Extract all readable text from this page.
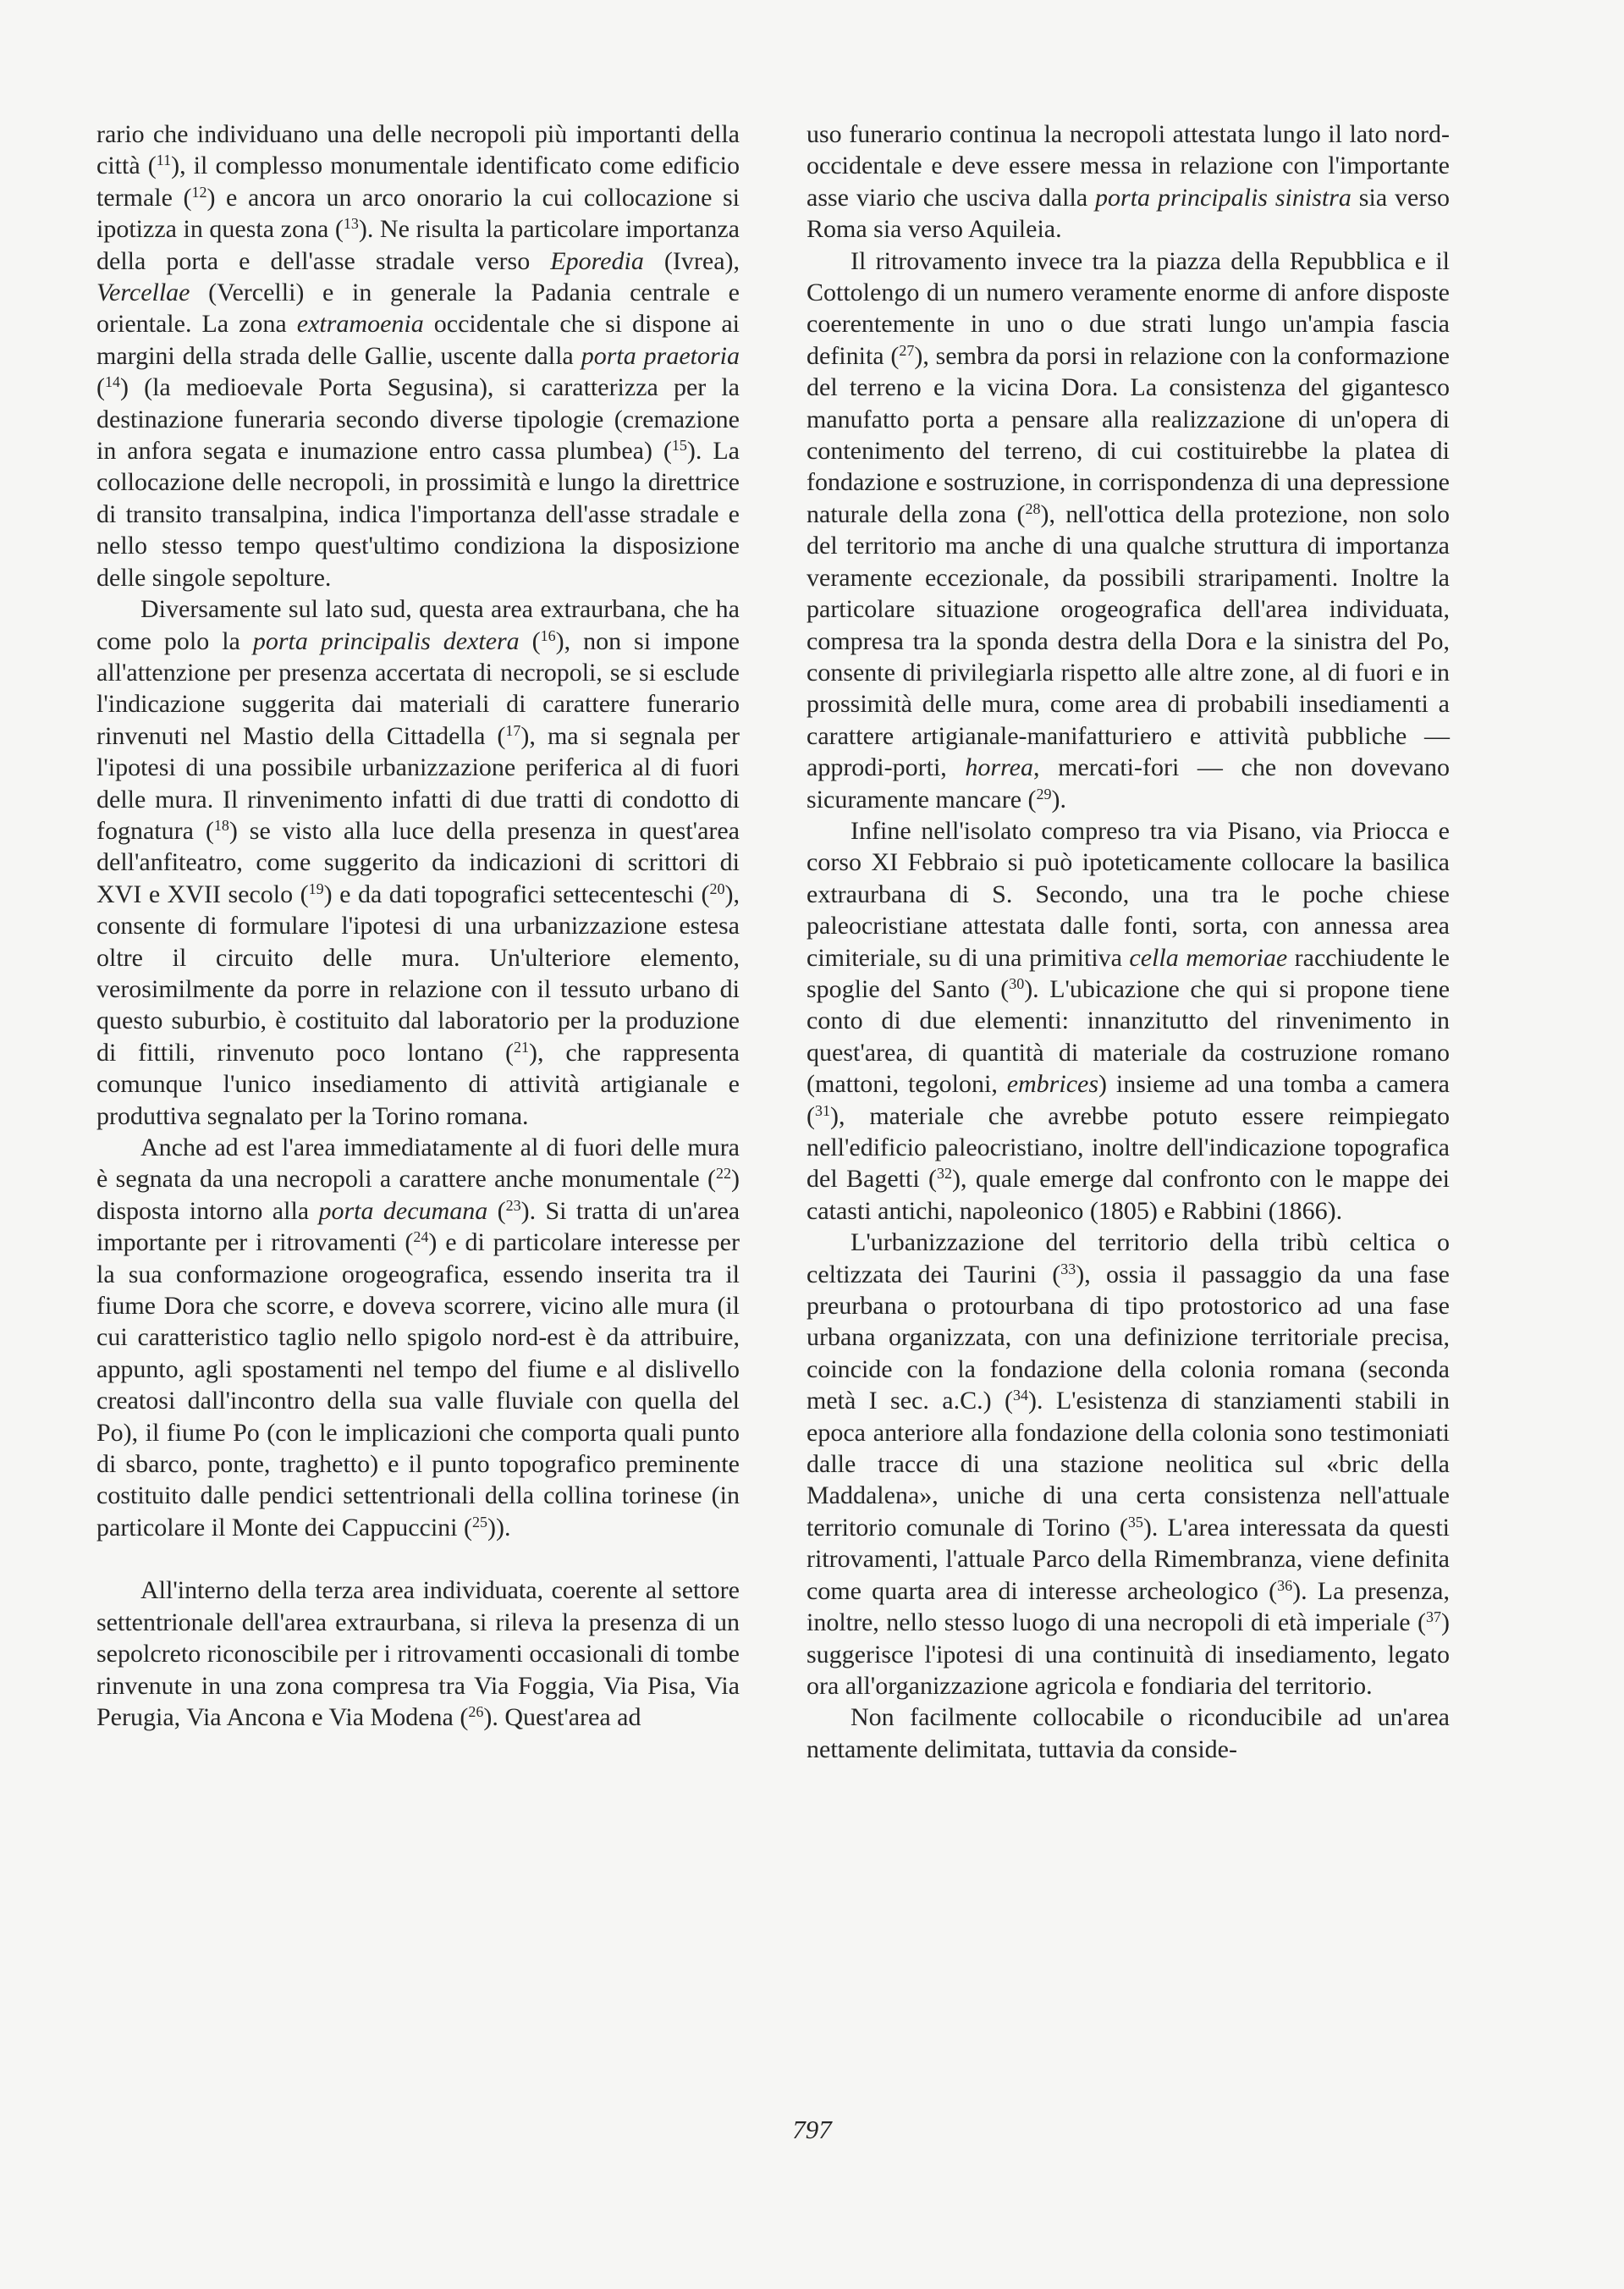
rario che individuano una delle necropoli più importanti della città ($^{11}$), il complesso monumentale identificato come edificio termale ($^{12}$) e ancora un arco onorario la cui collocazione si ipotizza in questa zona ($^{13}$). Ne risulta la particolare importanza della porta e dell'asse stradale verso Eporedia (Ivrea), Vercellae (Vercelli) e in generale la Padania centrale e orientale. La zona extramoenia occidentale che si dispone ai margini della strada delle Gallie, uscente dalla porta praetoria ($^{14}$) (la medioevale Porta Segusina), si caratterizza per la destinazione funeraria secondo diverse tipologie (cremazione in anfora segata e inumazione entro cassa plumbea) ($^{15}$). La collocazione delle necropoli, in prossimità e lungo la direttrice di transito transalpina, indica l'importanza dell'asse stradale e nello stesso tempo quest'ultimo condiziona la disposizione delle singole sepolture.

Diversamente sul lato sud, questa area extraurbana, che ha come polo la porta principalis dextera ($^{16}$), non si impone all'attenzione per presenza accertata di necropoli, se si esclude l'indicazione suggerita dai materiali di carattere funerario rinvenuti nel Mastio della Cittadella ($^{17}$), ma si segnala per l'ipotesi di una possibile urbanizzazione periferica al di fuori delle mura. Il rinvenimento infatti di due tratti di condotto di fognatura ($^{18}$) se visto alla luce della presenza in quest'area dell'anfiteatro, come suggerito da indicazioni di scrittori di XVI e XVII secolo ($^{19}$) e da dati topografici settecenteschi ($^{20}$), consente di formulare l'ipotesi di una urbanizzazione estesa oltre il circuito delle mura. Un'ulteriore elemento, verosimilmente da porre in relazione con il tessuto urbano di questo suburbio, è costituito dal laboratorio per la produzione di fittili, rinvenuto poco lontano ($^{21}$), che rappresenta comunque l'unico insediamento di attività artigianale e produttiva segnalato per la Torino romana.

Anche ad est l'area immediatamente al di fuori delle mura è segnata da una necropoli a carattere anche monumentale ($^{22}$) disposta intorno alla porta decumana ($^{23}$). Si tratta di un'area importante per i ritrovamenti ($^{24}$) e di particolare interesse per la sua conformazione orogeografica, essendo inserita tra il fiume Dora che scorre, e doveva scorrere, vicino alle mura (il cui caratteristico taglio nello spigolo nord-est è da attribuire, appunto, agli spostamenti nel tempo del fiume e al dislivello creatosi dall'incontro della sua valle fluviale con quella del Po), il fiume Po (con le implicazioni che comporta quali punto di sbarco, ponte, traghetto) e il punto topografico preminente costituito dalle pendici settentrionali della collina torinese (in particolare il Monte dei Cappuccini ($^{25}$)).

All'interno della terza area individuata, coerente al settore settentrionale dell'area extraurbana, si rileva la presenza di un sepolcreto riconoscibile per i ritrovamenti occasionali di tombe rinvenute in una zona compresa tra Via Foggia, Via Pisa, Via Perugia, Via Ancona e Via Modena ($^{26}$). Quest'area ad

uso funerario continua la necropoli attestata lungo il lato nord-occidentale e deve essere messa in relazione con l'importante asse viario che usciva dalla porta principalis sinistra sia verso Roma sia verso Aquileia.

Il ritrovamento invece tra la piazza della Repubblica e il Cottolengo di un numero veramente enorme di anfore disposte coerentemente in uno o due strati lungo un'ampia fascia definita ($^{27}$), sembra da porsi in relazione con la conformazione del terreno e la vicina Dora. La consistenza del gigantesco manufatto porta a pensare alla realizzazione di un'opera di contenimento del terreno, di cui costituirebbe la platea di fondazione e sostruzione, in corrispondenza di una depressione naturale della zona ($^{28}$), nell'ottica della protezione, non solo del territorio ma anche di una qualche struttura di importanza veramente eccezionale, da possibili straripamenti. Inoltre la particolare situazione orogeografica dell'area individuata, compresa tra la sponda destra della Dora e la sinistra del Po, consente di privilegiarla rispetto alle altre zone, al di fuori e in prossimità delle mura, come area di probabili insediamenti a carattere artigianale-manifatturiero e attività pubbliche — approdi-porti, horrea, mercati-fori — che non dovevano sicuramente mancare ($^{29}$).

Infine nell'isolato compreso tra via Pisano, via Priocca e corso XI Febbraio si può ipoteticamente collocare la basilica extraurbana di S. Secondo, una tra le poche chiese paleocristiane attestata dalle fonti, sorta, con annessa area cimiteriale, su di una primitiva cella memoriae racchiudente le spoglie del Santo ($^{30}$). L'ubicazione che qui si propone tiene conto di due elementi: innanzitutto del rinvenimento in quest'area, di quantità di materiale da costruzione romano (mattoni, tegoloni, embrices) insieme ad una tomba a camera ($^{31}$), materiale che avrebbe potuto essere reimpiegato nell'edificio paleocristiano, inoltre dell'indicazione topografica del Bagetti ($^{32}$), quale emerge dal confronto con le mappe dei catasti antichi, napoleonico (1805) e Rabbini (1866).

L'urbanizzazione del territorio della tribù celtica o celtizzata dei Taurini ($^{33}$), ossia il passaggio da una fase preurbana o protourbana di tipo protostorico ad una fase urbana organizzata, con una definizione territoriale precisa, coincide con la fondazione della colonia romana (seconda metà I sec. a.C.) ($^{34}$). L'esistenza di stanziamenti stabili in epoca anteriore alla fondazione della colonia sono testimoniati dalle tracce di una stazione neolitica sul «bric della Maddalena», uniche di una certa consistenza nell'attuale territorio comunale di Torino ($^{35}$). L'area interessata da questi ritrovamenti, l'attuale Parco della Rimembranza, viene definita come quarta area di interesse archeologico ($^{36}$). La presenza, inoltre, nello stesso luogo di una necropoli di età imperiale ($^{37}$) suggerisce l'ipotesi di una continuità di insediamento, legato ora all'organizzazione agricola e fondiaria del territorio.

Non facilmente collocabile o riconducibile ad un'area nettamente delimitata, tuttavia da conside-

797
